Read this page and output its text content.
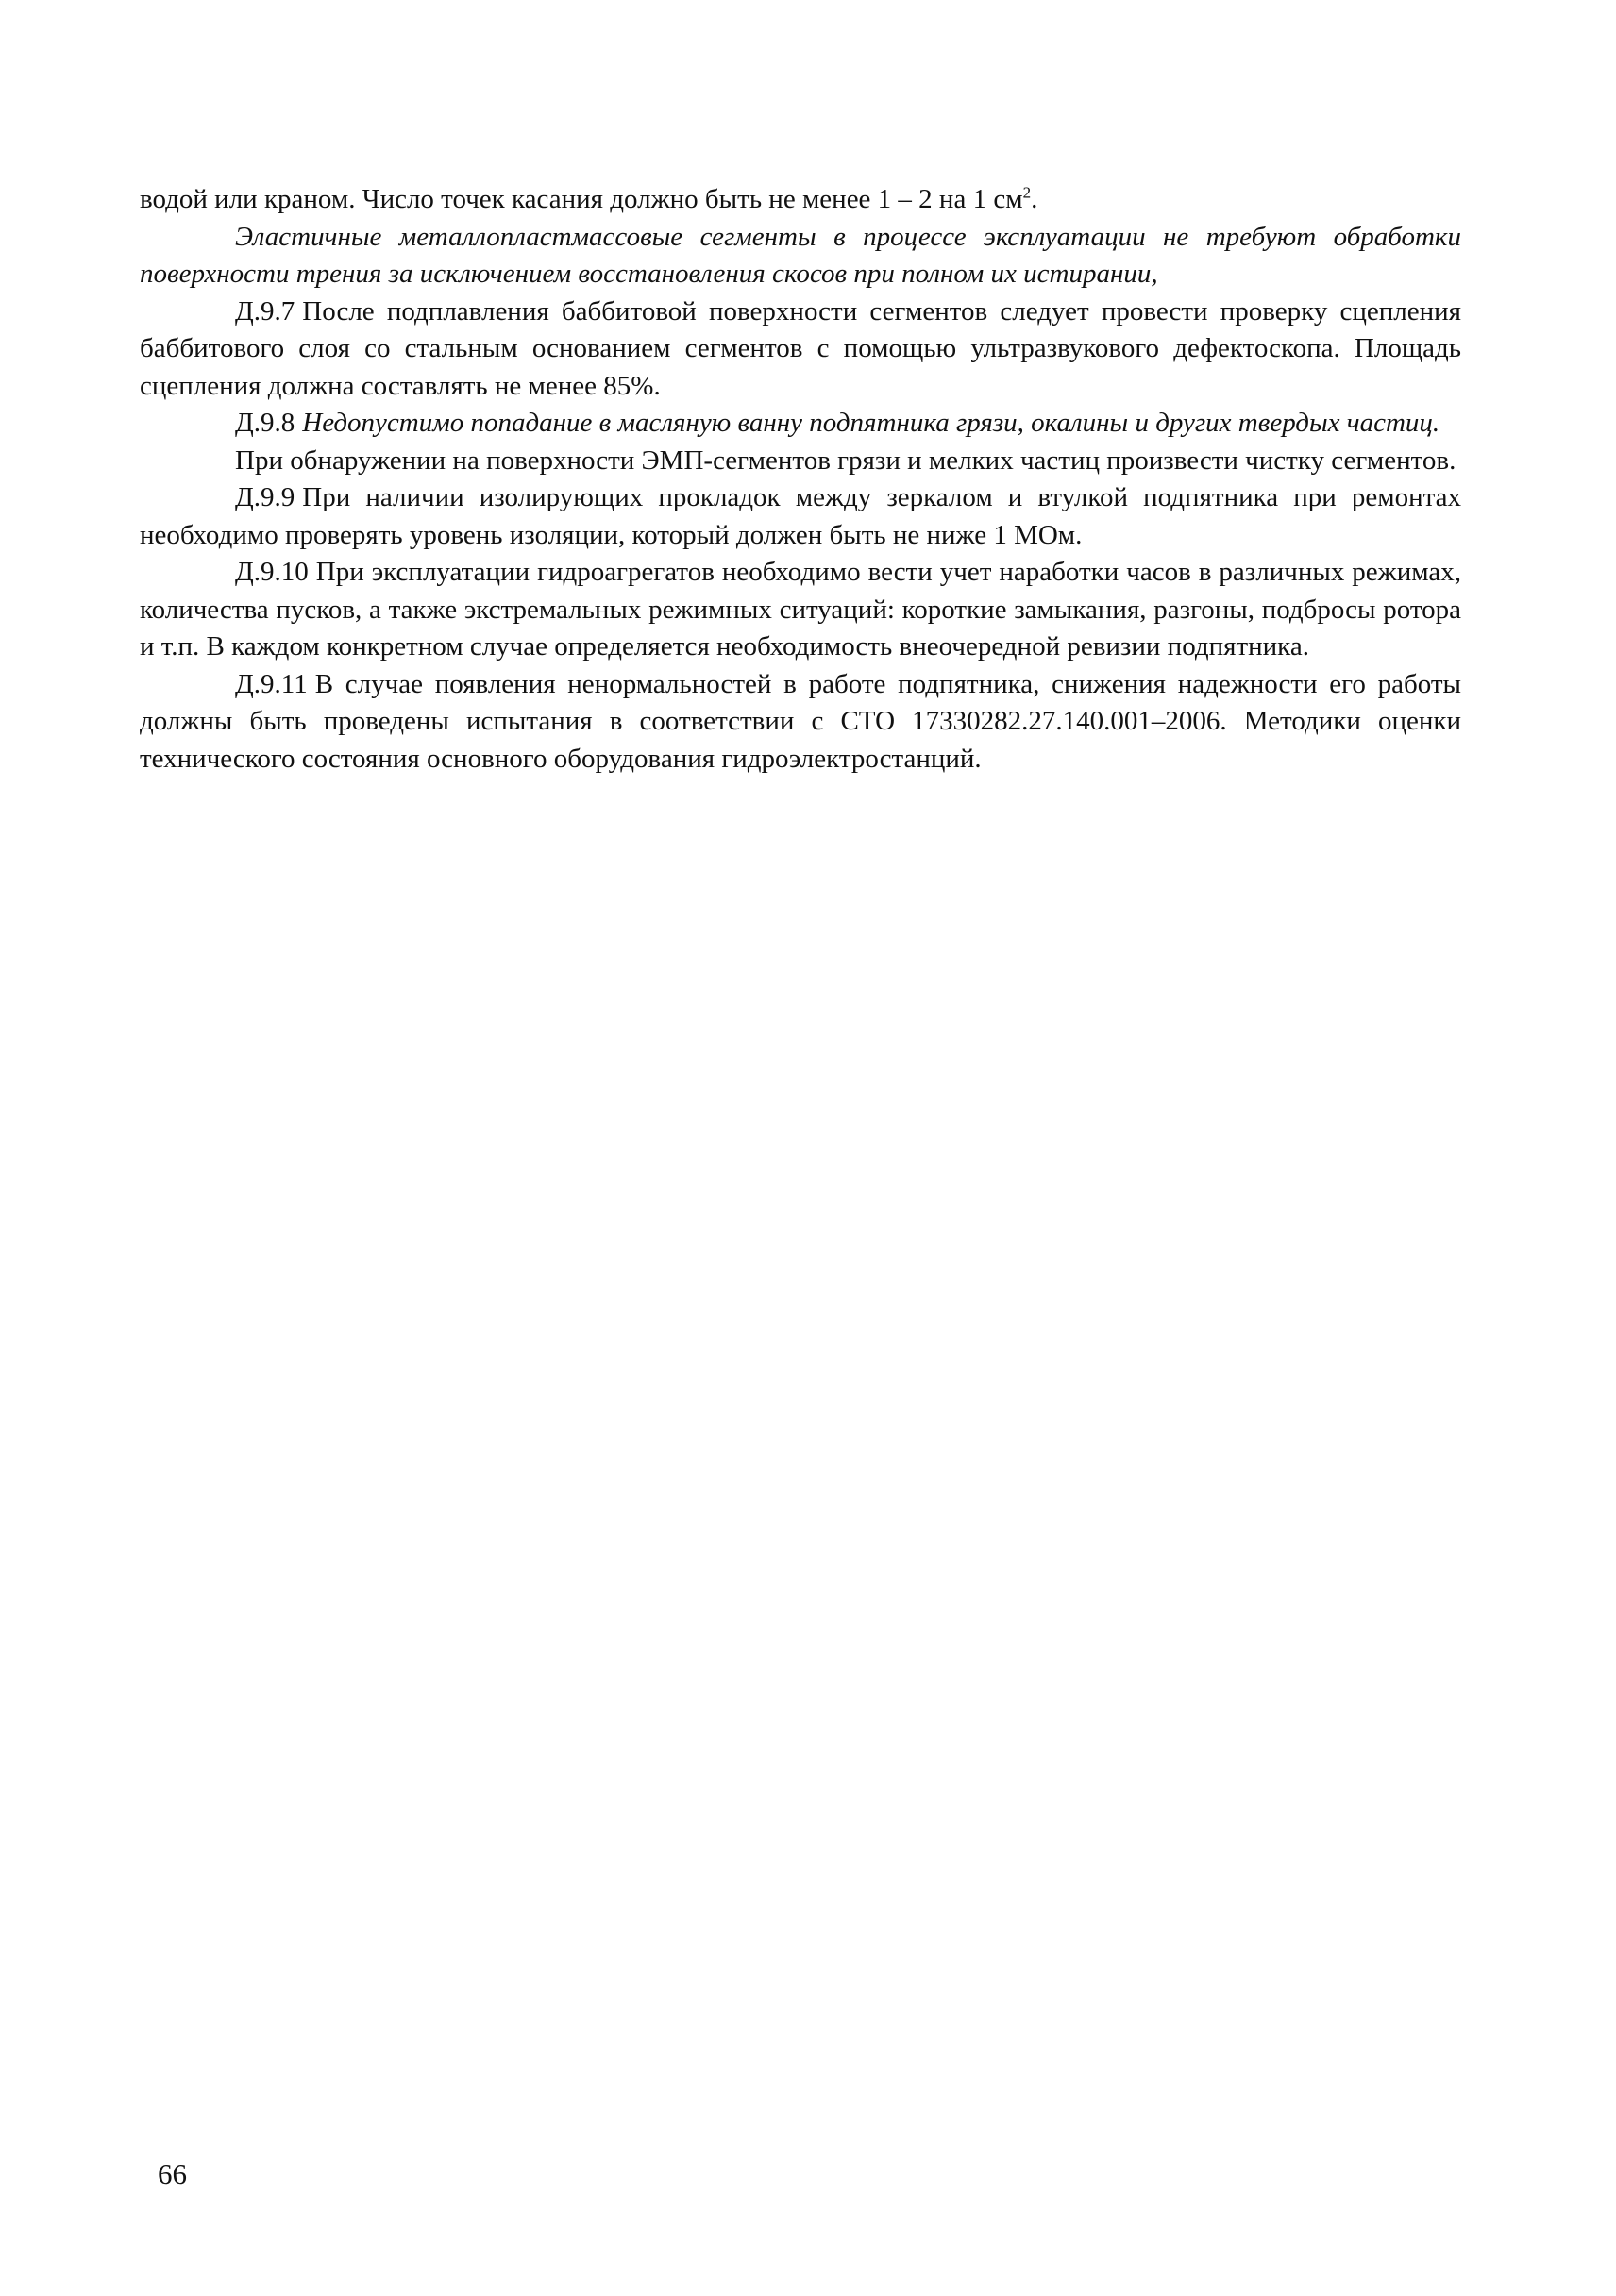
водой или краном. Число точек касания должно быть не менее 1 – 2 на 1 $см^2$.

Эластичные металлопластмассовые сегменты в процессе эксплуатации не требуют обработки поверхности трения за исключением восстановления скосов при полном их истирании,

Д.9.7 После подплавления баббитовой поверхности сегментов следует провести проверку сцепления баббитового слоя со стальным основанием сегментов с помощью ультразвукового дефектоскопа. Площадь сцепления должна составлять не менее 85%.

Д.9.8 Недопустимо попадание в масляную ванну подпятника грязи, окалины и других твердых частиц.

При обнаружении на поверхности ЭМП-сегментов грязи и мелких частиц произвести чистку сегментов.

Д.9.9 При наличии изолирующих прокладок между зеркалом и втулкой подпятника при ремонтах необходимо проверять уровень изоляции, который должен быть не ниже 1 МОм.

Д.9.10 При эксплуатации гидроагрегатов необходимо вести учет наработки часов в различных режимах, количества пусков, а также экстремальных режимных ситуаций: короткие замыкания, разгоны, подбросы ротора и т.п. В каждом конкретном случае определяется необходимость внеочередной ревизии подпятника.

Д.9.11 В случае появления ненормальностей в работе подпятника, снижения надежности его работы должны быть проведены испытания в соответствии с СТО 17330282.27.140.001–2006. Методики оценки технического состояния основного оборудования гидроэлектростанций.

66
